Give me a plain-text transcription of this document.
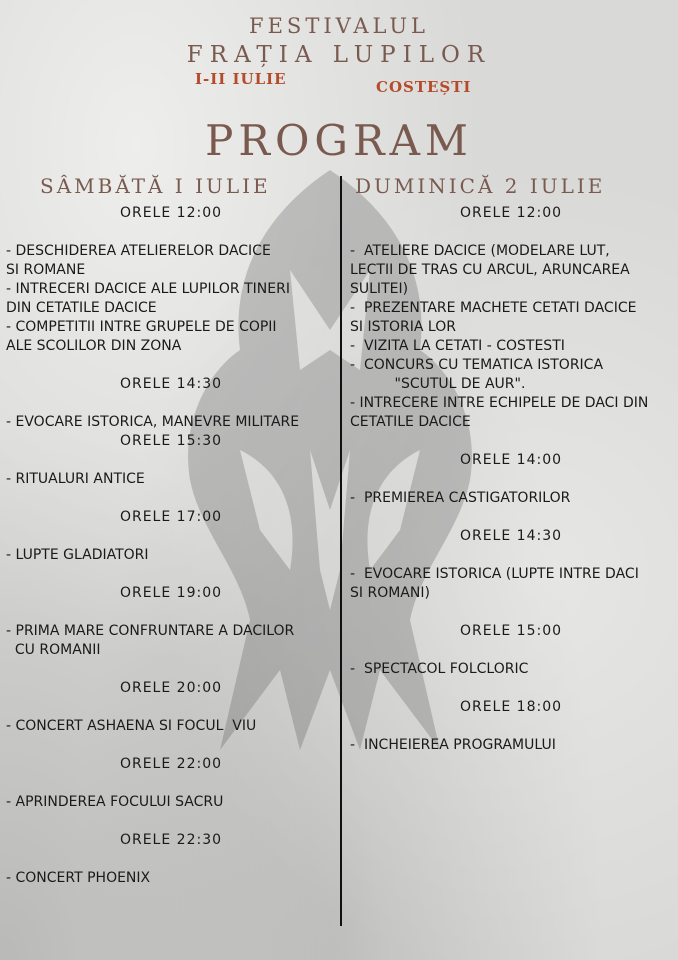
FESTIVALUL
FRAȚIA LUPILOR
I-II IULIE	COSTEȘTI
PROGRAM
SÂMBĂTĂ I IULIE	DUMINICĂ 2 IULIE
ORELE 12:00

- DESCHIDEREA ATELIERELOR DACICE
SI ROMANE
- INTRECERI DACICE ALE LUPILOR TINERI
DIN CETATILE DACICE
- COMPETITII INTRE GRUPELE DE COPII
ALE SCOLILOR DIN ZONA

ORELE 14:30

- EVOCARE ISTORICA, MANEVRE MILITARE
ORELE 15:30

- RITUALURI ANTICE

ORELE 17:00

- LUPTE GLADIATORI

ORELE 19:00

- PRIMA MARE CONFRUNTARE A DACILOR
CU ROMANII

ORELE 20:00

- CONCERT ASHAENA SI FOCUL  VIU

ORELE 22:00

- APRINDEREA FOCULUI SACRU

ORELE 22:30

- CONCERT PHOENIX
ORELE 12:00

-  ATELIERE DACICE (MODELARE LUT,
LECTII DE TRAS CU ARCUL, ARUNCAREA
SULITEI)
-  PREZENTARE MACHETE CETATI DACICE
SI ISTORIA LOR
-  VIZITA LA CETATI - COSTESTI
-  CONCURS CU TEMATICA ISTORICA
"SCUTUL DE AUR".
- INTRECERE INTRE ECHIPELE DE DACI DIN
CETATILE DACICE

ORELE 14:00

-  PREMIEREA CASTIGATORILOR

ORELE 14:30

-  EVOCARE ISTORICA (LUPTE INTRE DACI
SI ROMANI)

ORELE 15:00

-  SPECTACOL FOLCLORIC

ORELE 18:00

-  INCHEIEREA PROGRAMULUI
